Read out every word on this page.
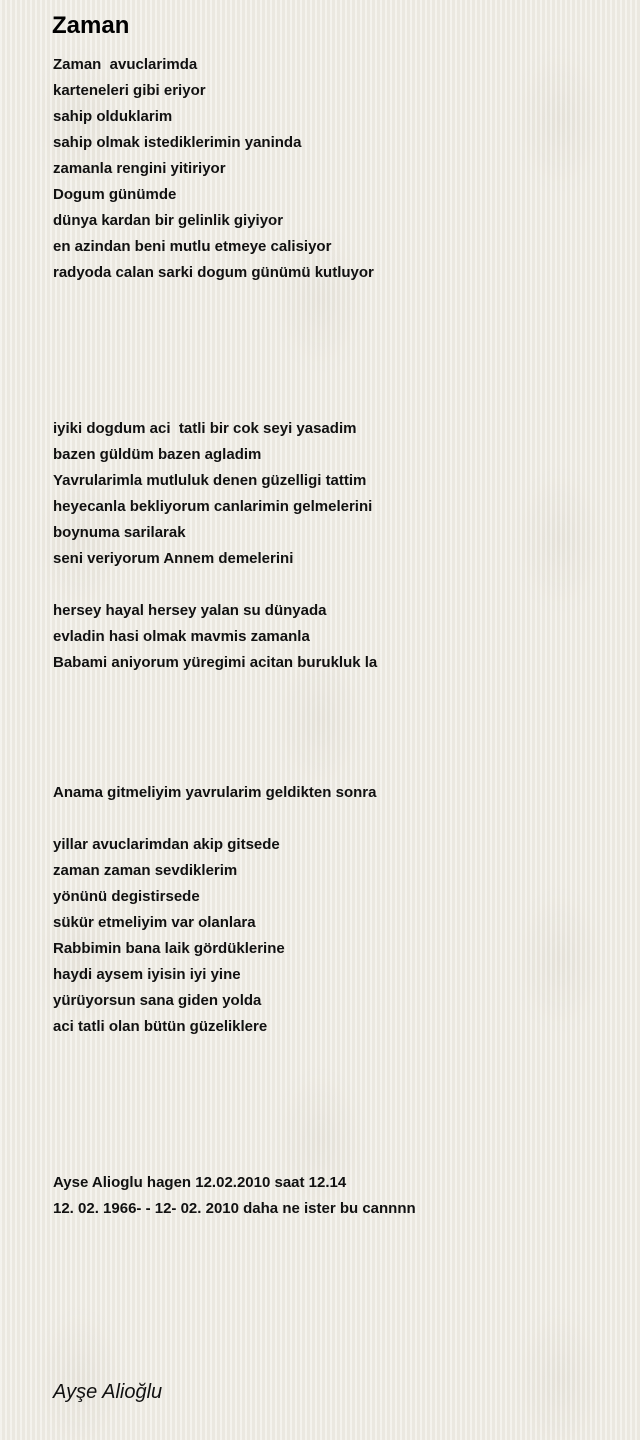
Zaman
Zaman  avuclarimda
karteneleri gibi eriyor
sahip olduklarim
sahip olmak istediklerimin yaninda
zamanla rengini yitiriyor
Dogum günümde
dünya kardan bir gelinlik giyiyor
en azindan beni mutlu etmeye calisiyor
radyoda calan sarki dogum günümü kutluyor
iyiki dogdum aci  tatli bir cok seyi yasadim
bazen güldüm bazen agladim
Yavrularimla mutluluk denen güzelligi tattim
heyecanla bekliyorum canlarimin gelmelerini
boynuma sarilarak
seni veriyorum Annem demelerini
hersey hayal hersey yalan su dünyada
evladin hasi olmak mavmis zamanla
Babami aniyorum yüregimi acitan burukluk la
Anama gitmeliyim yavrularim geldikten sonra
yillar avuclarimdan akip gitsede
zaman zaman sevdiklerim
yönünü degistirsede
sükür etmeliyim var olanlara
Rabbimin bana laik gördüklerine
haydi aysem iyisin iyi yine
yürüyorsun sana giden yolda
aci tatli olan bütün güzeliklere
Ayse Alioglu hagen 12.02.2010 saat 12.14
12. 02. 1966- - 12- 02. 2010 daha ne ister bu cannnn
Ayşe Alioğlu
